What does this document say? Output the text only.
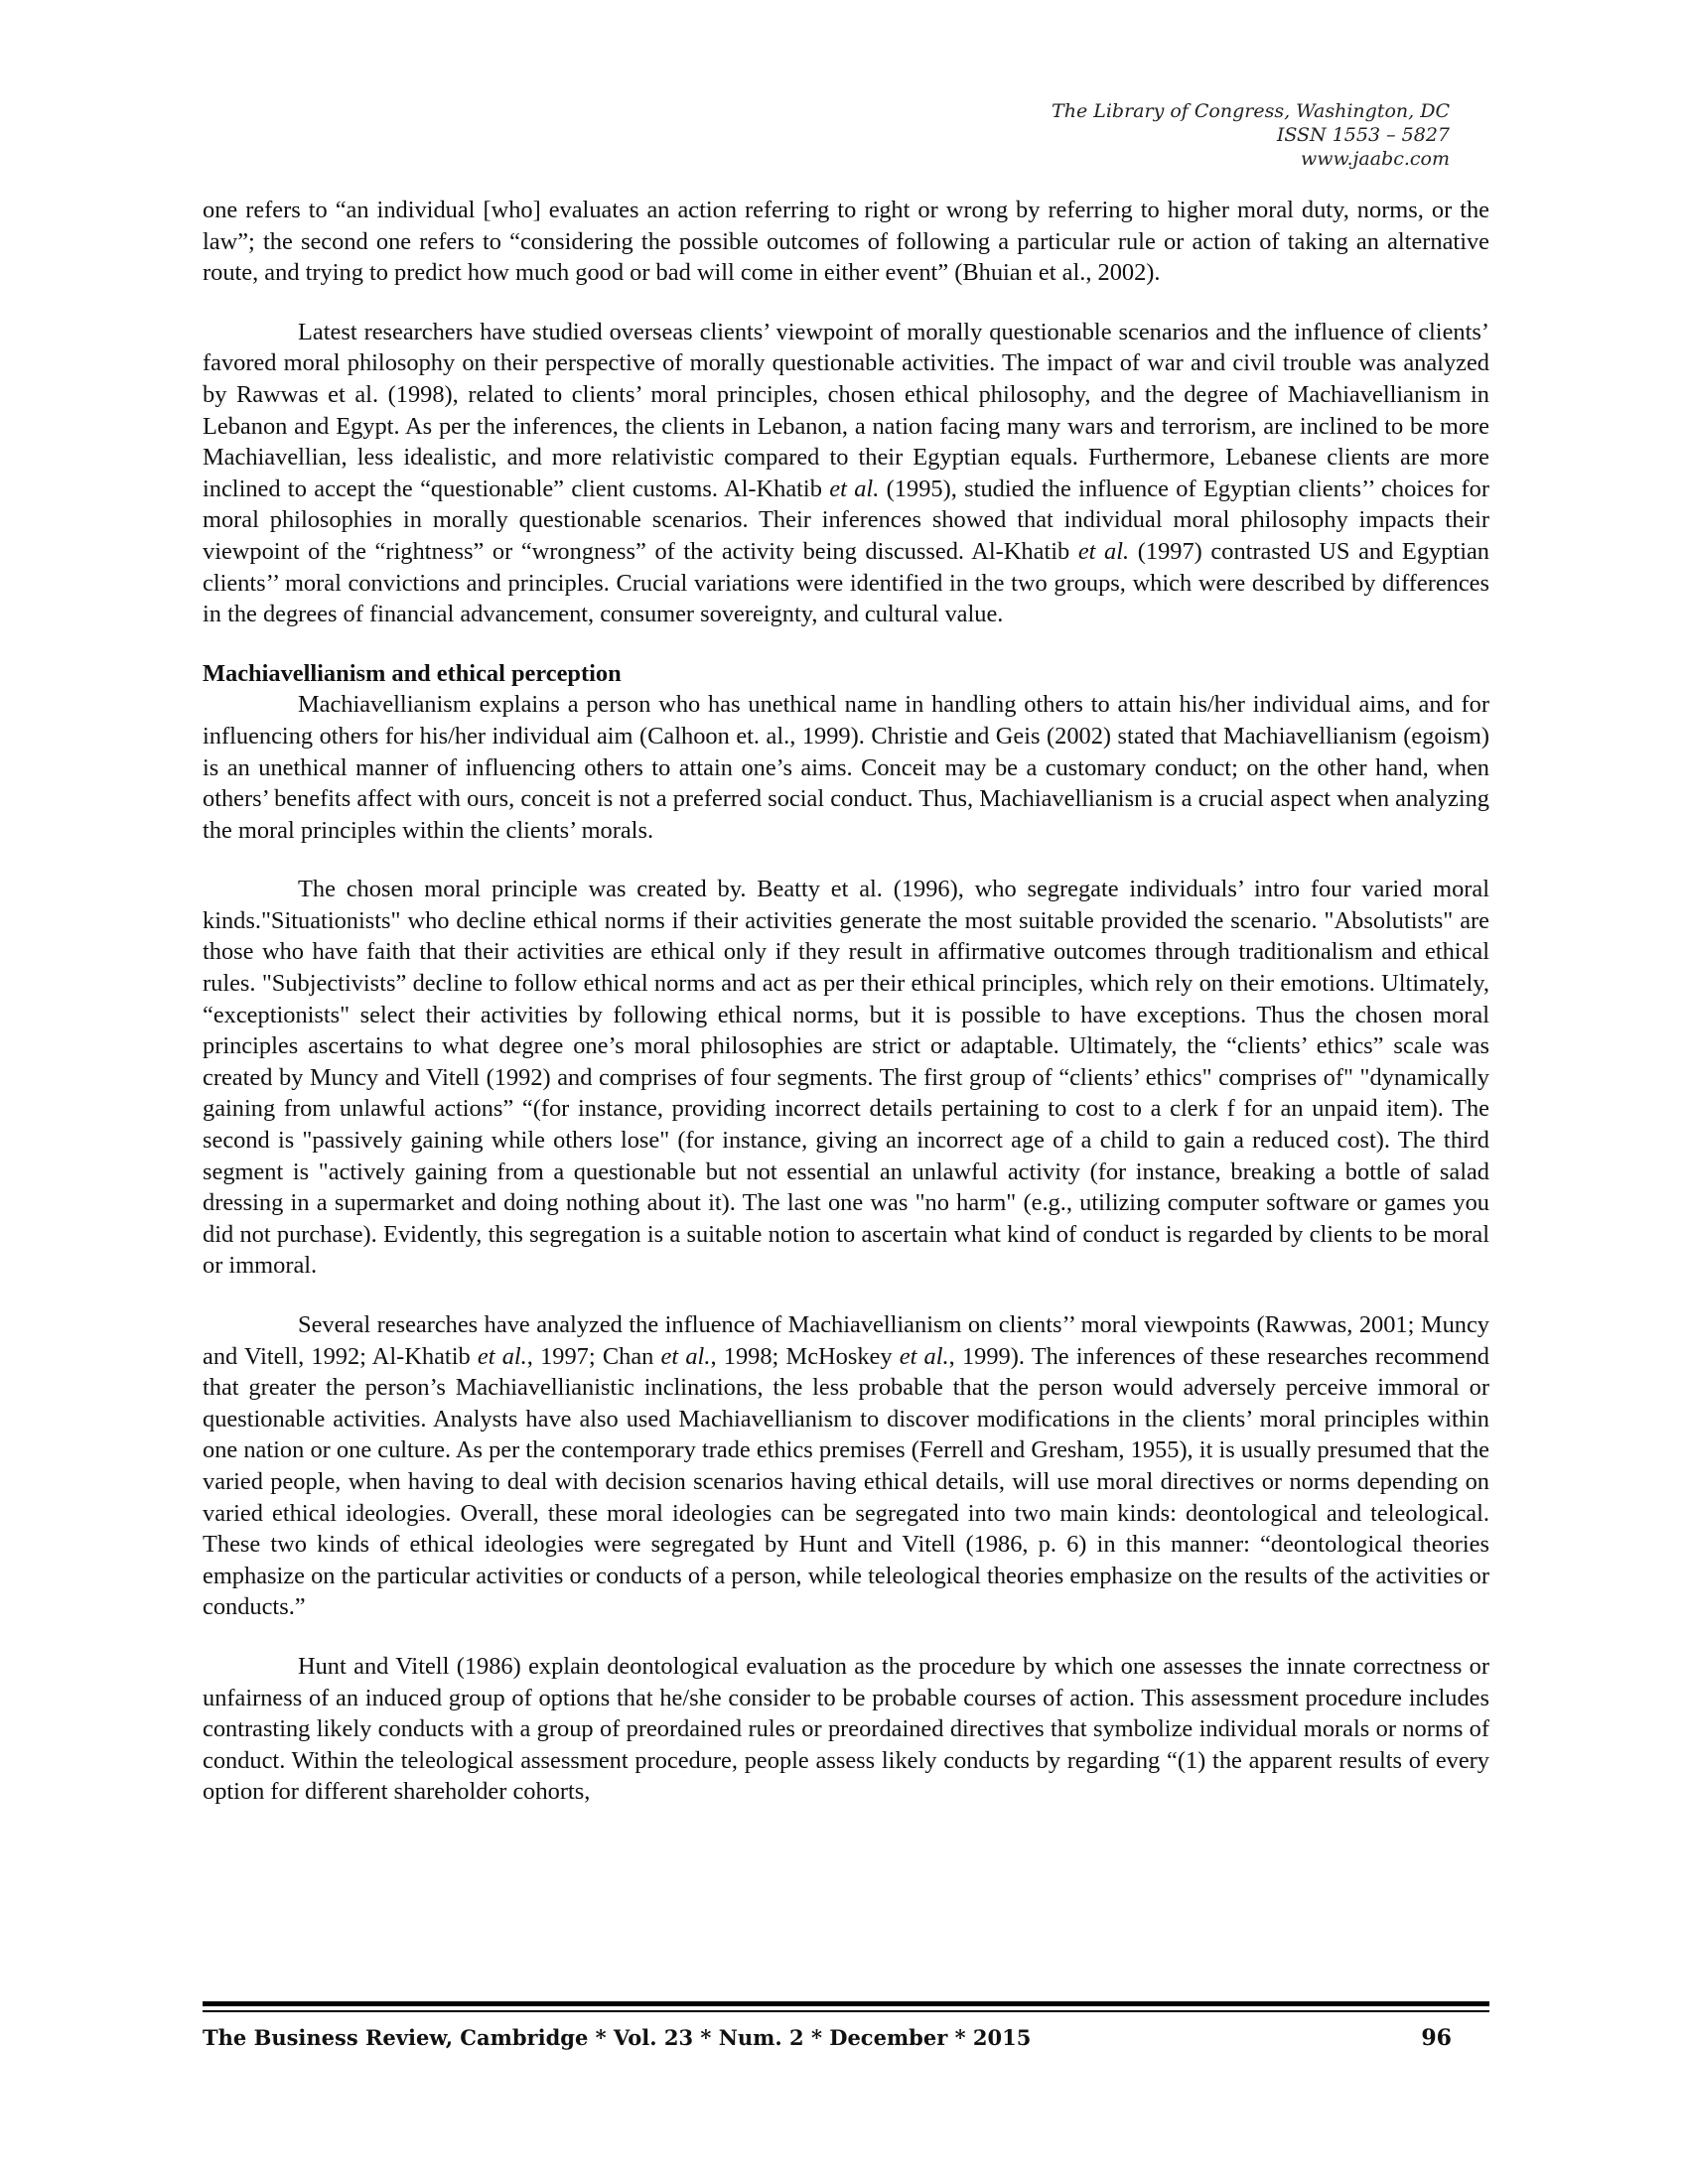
The Library of Congress, Washington, DC
ISSN 1553 – 5827
www.jaabc.com

one refers to “an individual [who] evaluates an action referring to right or wrong by referring to higher moral duty, norms, or the law”; the second one refers to “considering the possible outcomes of following a particular rule or action of taking an alternative route, and trying to predict how much good or bad will come in either event” (Bhuian et al., 2002).

Latest researchers have studied overseas clients’ viewpoint of morally questionable scenarios and the influence of clients’ favored moral philosophy on their perspective of morally questionable activities. The impact of war and civil trouble was analyzed by Rawwas et al. (1998), related to clients’ moral principles, chosen ethical philosophy, and the degree of Machiavellianism in Lebanon and Egypt. As per the inferences, the clients in Lebanon, a nation facing many wars and terrorism, are inclined to be more Machiavellian, less idealistic, and more relativistic compared to their Egyptian equals. Furthermore, Lebanese clients are more inclined to accept the “questionable” client customs. Al-Khatib et al. (1995), studied the influence of Egyptian clients’’ choices for moral philosophies in morally questionable scenarios. Their inferences showed that individual moral philosophy impacts their viewpoint of the “rightness” or “wrongness” of the activity being discussed. Al-Khatib et al. (1997) contrasted US and Egyptian clients’’ moral convictions and principles. Crucial variations were identified in the two groups, which were described by differences in the degrees of financial advancement, consumer sovereignty, and cultural value.

Machiavellianism and ethical perception

Machiavellianism explains a person who has unethical name in handling others to attain his/her individual aims, and for influencing others for his/her individual aim (Calhoon et. al., 1999). Christie and Geis (2002) stated that Machiavellianism (egoism) is an unethical manner of influencing others to attain one’s aims. Conceit may be a customary conduct; on the other hand, when others’ benefits affect with ours, conceit is not a preferred social conduct. Thus, Machiavellianism is a crucial aspect when analyzing the moral principles within the clients’ morals.

The chosen moral principle was created by. Beatty et al. (1996), who segregate individuals’ intro four varied moral kinds."Situationists" who decline ethical norms if their activities generate the most suitable provided the scenario. "Absolutists" are those who have faith that their activities are ethical only if they result in affirmative outcomes through traditionalism and ethical rules. "Subjectivists” decline to follow ethical norms and act as per their ethical principles, which rely on their emotions. Ultimately, “exceptionists" select their activities by following ethical norms, but it is possible to have exceptions. Thus the chosen moral principles ascertains to what degree one’s moral philosophies are strict or adaptable. Ultimately, the “clients’ ethics” scale was created by Muncy and Vitell (1992) and comprises of four segments. The first group of “clients’ ethics" comprises of" "dynamically gaining from unlawful actions” “(for instance, providing incorrect details pertaining to cost to a clerk f for an unpaid item). The second is "passively gaining while others lose" (for instance, giving an incorrect age of a child to gain a reduced cost). The third segment is "actively gaining from a questionable but not essential an unlawful activity (for instance, breaking a bottle of salad dressing in a supermarket and doing nothing about it). The last one was "no harm" (e.g., utilizing computer software or games you did not purchase). Evidently, this segregation is a suitable notion to ascertain what kind of conduct is regarded by clients to be moral or immoral.

Several researches have analyzed the influence of Machiavellianism on clients’’ moral viewpoints (Rawwas, 2001; Muncy and Vitell, 1992; Al-Khatib et al., 1997; Chan et al., 1998; McHoskey et al., 1999). The inferences of these researches recommend that greater the person’s Machiavellianistic inclinations, the less probable that the person would adversely perceive immoral or questionable activities. Analysts have also used Machiavellianism to discover modifications in the clients’ moral principles within one nation or one culture. As per the contemporary trade ethics premises (Ferrell and Gresham, 1955), it is usually presumed that the varied people, when having to deal with decision scenarios having ethical details, will use moral directives or norms depending on varied ethical ideologies. Overall, these moral ideologies can be segregated into two main kinds: deontological and teleological. These two kinds of ethical ideologies were segregated by Hunt and Vitell (1986, p. 6) in this manner: “deontological theories emphasize on the particular activities or conducts of a person, while teleological theories emphasize on the results of the activities or conducts.”

Hunt and Vitell (1986) explain deontological evaluation as the procedure by which one assesses the innate correctness or unfairness of an induced group of options that he/she consider to be probable courses of action. This assessment procedure includes contrasting likely conducts with a group of preordained rules or preordained directives that symbolize individual morals or norms of conduct. Within the teleological assessment procedure, people assess likely conducts by regarding “(1) the apparent results of every option for different shareholder cohorts,

The Business Review, Cambridge * Vol. 23 * Num. 2 * December * 2015	96
